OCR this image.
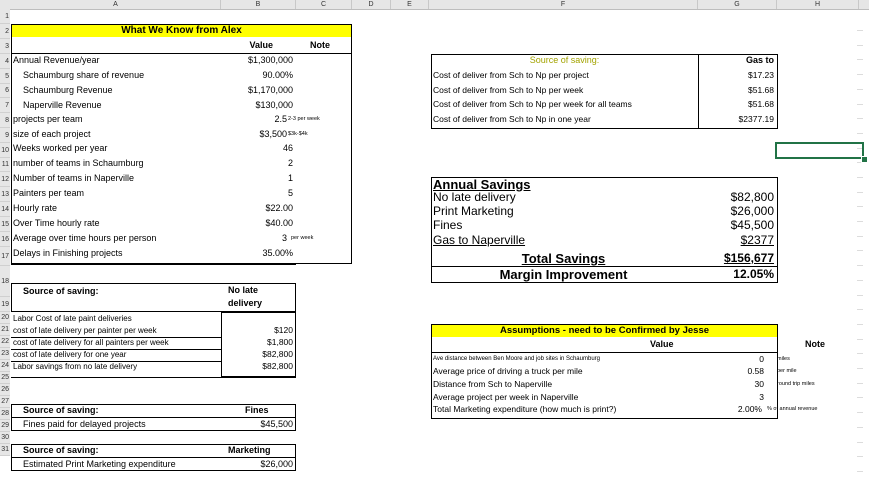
A	B	C	D	E	F	G	H
1
2
3
4
5
6
7
8
9
10
11
12
13
14
15
16
17
18
19
20
21
22
23
24
25
26
27
28
29
30
31
What We Know from Alex
Value	Note
Annual Revenue/year	$1,300,000
Schaumburg share of revenue	90.00%
Schaumburg Revenue	$1,170,000
Naperville Revenue	$130,000
projects per team	2.5 2-3 per week
size of each project	$3,500 $3k-$4k
Weeks worked per year	46
number of teams in Schaumburg	2
Number of teams in Naperville	1
Painters per team	5
Hourly rate	$22.00
Over Time hourly rate	$40.00
Average over time hours per person	3 per week
Delays in Finishing projects	35.00%
Source of saving:	No late
delivery
Labor Cost of late paint deliveries
cost of late delivery per painter per week	$120
cost of late delivery for all painters per week	$1,800
cost of late delivery for one year	$82,800
Labor savings from no late delivery	$82,800
Source of saving:	Fines
Fines paid for delayed projects	$45,500
Source of saving:	Marketing
Estimated Print Marketing expenditure	$26,000
Source of saving:	Gas to
Cost of deliver from Sch to Np per project	$17.23
Cost of deliver from Sch to Np per week	$51.68
Cost of deliver from Sch to Np per week for all teams	$51.68
Cost of deliver from Sch to Np in one year	$2377.19
Annual Savings
No late delivery	$82,800
Print Marketing	$26,000
Fines	$45,500
Gas to Naperville	$2377
Total Savings	$156,677
Margin Improvement	12.05%
Assumptions - need to be Confirmed by Jesse
Value	Note
Ave distance between Ben Moore and job sites in Schaumburg	0 miles
Average price of driving a truck per mile	0.58 per mile
Distance from Sch to Naperville	30 round trip miles
Average project per week in Naperville	3
Total Marketing expenditure (how much is print?)	2.00% % of annual revenue
